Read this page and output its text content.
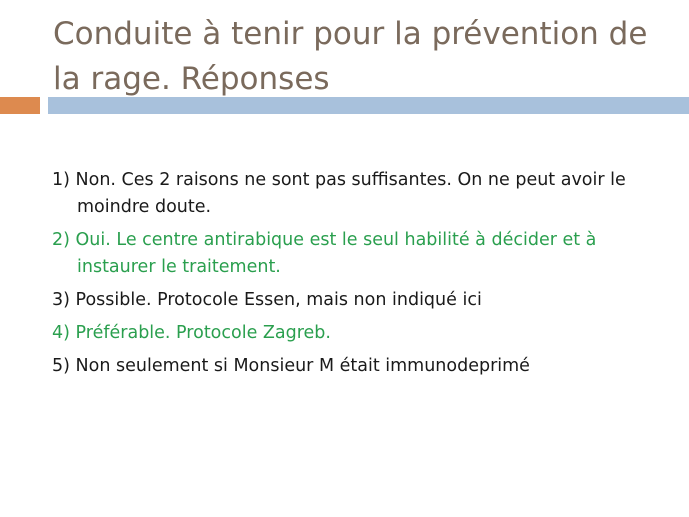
Conduite à tenir pour la prévention de la rage. Réponses
1) Non. Ces 2 raisons ne sont pas suffisantes. On ne peut avoir le moindre doute.
2) Oui. Le centre antirabique est le seul habilité à décider et à instaurer le traitement.
3) Possible. Protocole Essen, mais non indiqué ici
4) Préférable. Protocole Zagreb.
5) Non seulement si Monsieur M était immunodeprimé
